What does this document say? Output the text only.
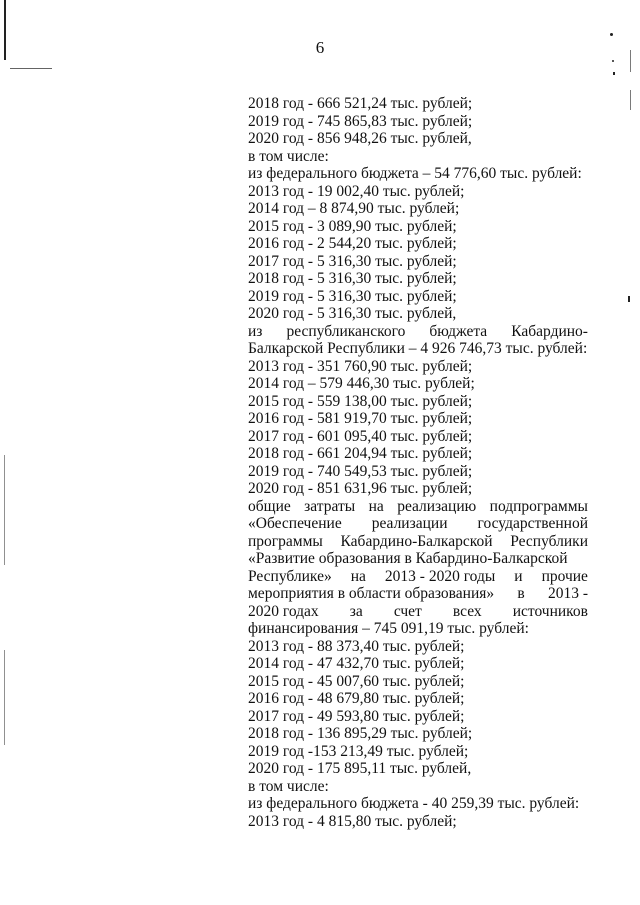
6
2018 год - 666 521,24 тыс. рублей;
2019 год - 745 865,83 тыс. рублей;
2020 год - 856 948,26 тыс. рублей,
в том числе:
из федерального бюджета – 54 776,60 тыс. рублей:
2013 год - 19 002,40 тыс. рублей;
2014 год – 8 874,90 тыс. рублей;
2015 год - 3 089,90 тыс. рублей;
2016 год - 2 544,20 тыс. рублей;
2017 год - 5 316,30 тыс. рублей;
2018 год - 5 316,30 тыс. рублей;
2019 год - 5 316,30 тыс. рублей;
2020 год - 5 316,30 тыс. рублей,
из республиканского бюджета Кабардино-
Балкарской Республики – 4 926 746,73 тыс. рублей:
2013 год - 351 760,90 тыс. рублей;
2014 год – 579 446,30 тыс. рублей;
2015 год - 559 138,00 тыс. рублей;
2016 год - 581 919,70 тыс. рублей;
2017 год - 601 095,40 тыс. рублей;
2018 год - 661 204,94 тыс. рублей;
2019 год - 740 549,53 тыс. рублей;
2020 год - 851 631,96 тыс. рублей;
общие затраты на реализацию подпрограммы
«Обеспечение реализации государственной
программы Кабардино-Балкарской Республики
«Развитие образования в Кабардино-Балкарской
Республике» на 2013 - 2020 годы и прочие
мероприятия в области образования» в 2013 -
2020 годах за счет всех источников
финансирования – 745 091,19 тыс. рублей:
2013 год - 88 373,40 тыс. рублей;
2014 год - 47 432,70 тыс. рублей;
2015 год - 45 007,60 тыс. рублей;
2016 год - 48 679,80 тыс. рублей;
2017 год - 49 593,80 тыс. рублей;
2018 год - 136 895,29 тыс. рублей;
2019 год -153 213,49 тыс. рублей;
2020 год - 175 895,11 тыс. рублей,
в том числе:
из федерального бюджета - 40 259,39 тыс. рублей:
2013 год - 4 815,80 тыс. рублей;
